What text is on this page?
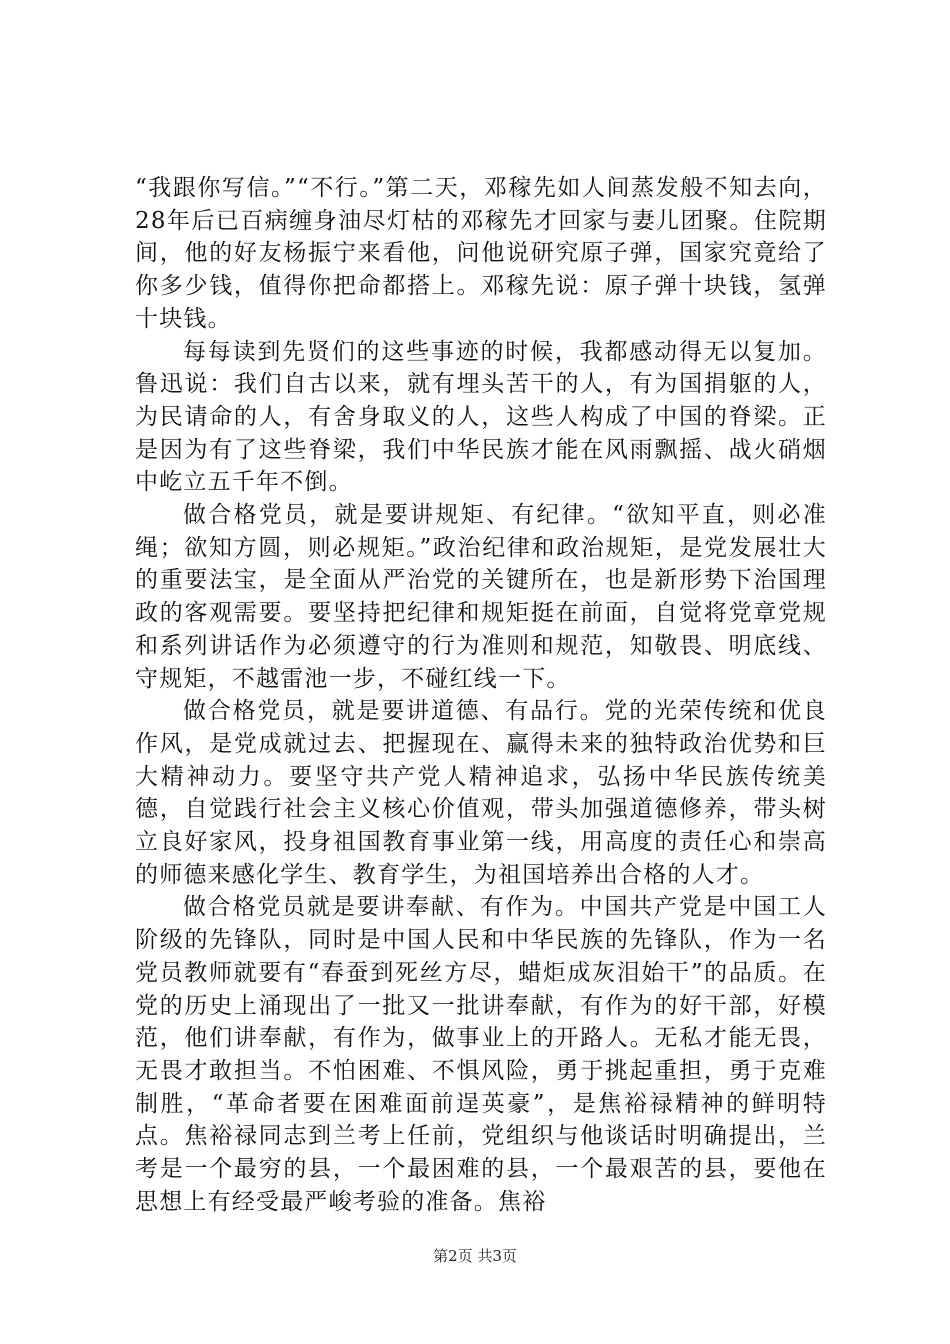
“我跟你写信。”“不行。”第二天，邓稼先如人间蒸发般不知去向，28年后已百病缠身油尽灯枯的邓稼先才回家与妻儿团聚。住院期间，他的好友杨振宁来看他，问他说研究原子弹，国家究竟给了你多少钱，值得你把命都搭上。邓稼先说：原子弹十块钱，氢弹十块钱。

每每读到先贤们的这些事迹的时候，我都感动得无以复加。鲁迅说：我们自古以来，就有埋头苦干的人，有为国捐躯的人，为民请命的人，有舍身取义的人，这些人构成了中国的脊梁。正是因为有了这些脊梁，我们中华民族才能在风雨飘摇、战火硝烟中屹立五千年不倒。

做合格党员，就是要讲规矩、有纪律。“欲知平直，则必准绳；欲知方圆，则必规矩。”政治纪律和政治规矩，是党发展壮大的重要法宝，是全面从严治党的关键所在，也是新形势下治国理政的客观需要。要坚持把纪律和规矩挺在前面，自觉将党章党规和系列讲话作为必须遵守的行为准则和规范，知敬畏、明底线、守规矩，不越雷池一步，不碰红线一下。

做合格党员，就是要讲道德、有品行。党的光荣传统和优良作风，是党成就过去、把握现在、赢得未来的独特政治优势和巨大精神动力。要坚守共产党人精神追求，弘扬中华民族传统美德，自觉践行社会主义核心价值观，带头加强道德修养，带头树立良好家风，投身祖国教育事业第一线，用高度的责任心和崇高的师德来感化学生、教育学生，为祖国培养出合格的人才。

做合格党员就是要讲奉献、有作为。中国共产党是中国工人阶级的先锋队，同时是中国人民和中华民族的先锋队，作为一名党员教师就要有“春蚕到死丝方尽，蜡炬成灰泪始干”的品质。在党的历史上涌现出了一批又一批讲奉献，有作为的好干部，好模范，他们讲奉献，有作为，做事业上的开路人。无私才能无畏，无畏才敢担当。不怕困难、不惧风险，勇于挑起重担，勇于克难制胜，“革命者要在困难面前逞英豪”，是焦裕禄精神的鲜明特点。焦裕禄同志到兰考上任前，党组织与他谈话时明确提出，兰考是一个最穷的县，一个最困难的县，一个最艰苦的县，要他在思想上有经受最严峻考验的准备。焦裕

第2页 共3页
